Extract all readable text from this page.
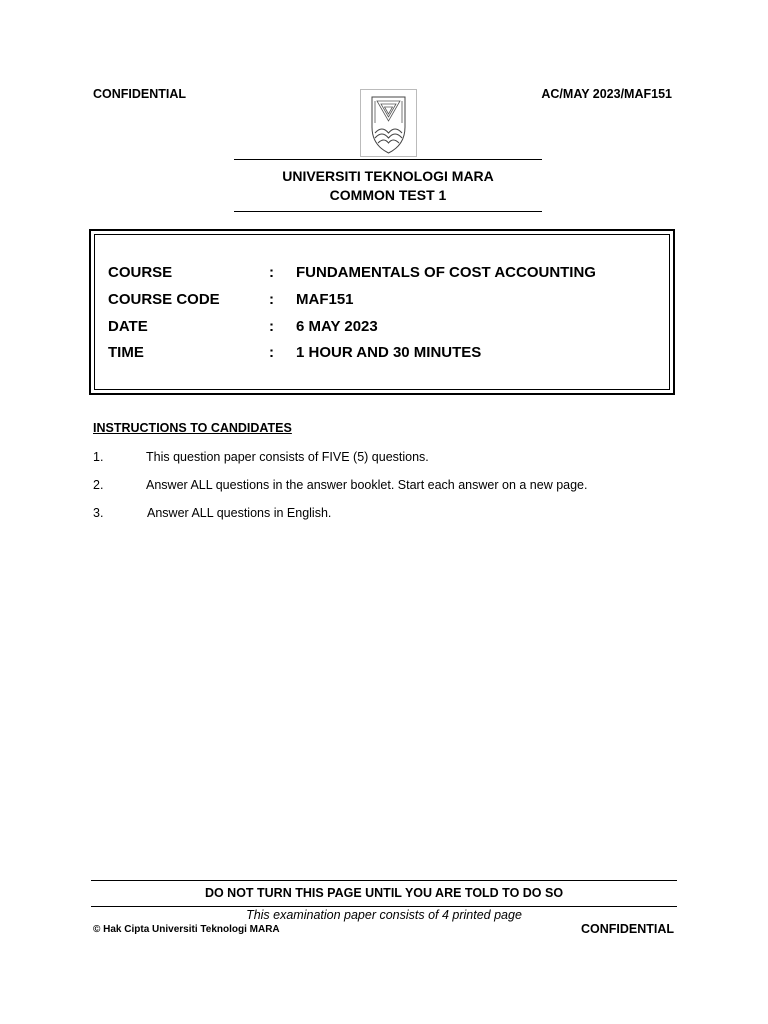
CONFIDENTIAL	AC/MAY 2023/MAF151
UNIVERSITI TEKNOLOGI MARA
COMMON TEST 1
COURSE	: FUNDAMENTALS OF COST ACCOUNTING
COURSE CODE	: MAF151
DATE	: 6 MAY 2023
TIME	: 1 HOUR AND 30 MINUTES
INSTRUCTIONS TO CANDIDATES
1.	This question paper consists of FIVE (5) questions.
2.	Answer ALL questions in the answer booklet. Start each answer on a new page.
3.	Answer ALL questions in English.
DO NOT TURN THIS PAGE UNTIL YOU ARE TOLD TO DO SO
This examination paper consists of 4 printed page
© Hak Cipta Universiti Teknologi MARA	CONFIDENTIAL
